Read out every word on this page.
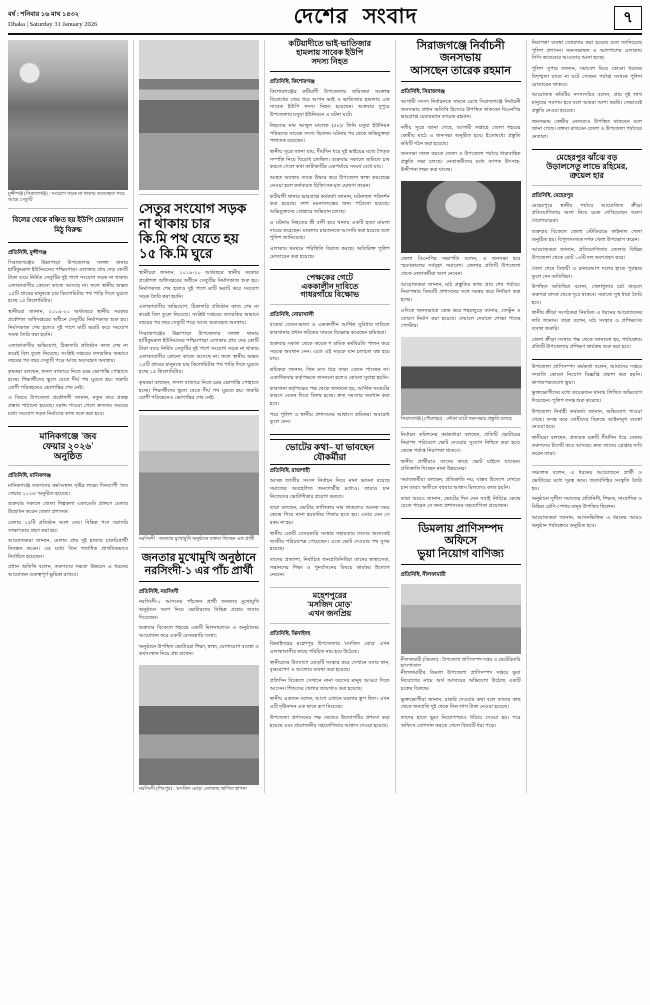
বর্ষ : শনিবার ১৬ মাঘ ১৪৩২
Dhaka | Saturday 31 January 2026	দেশের সংবাদ	৭
মুন্সীগঞ্জ (সিরাজগঞ্জ) : সংযোগ সড়ক না থাকায় অব্যবহৃত পড়ে আছে সেতুটি
বিলের থেকে বঞ্চিত হয় ইউপি চেয়ারম্যান মিঠু বিরুদ্ধ
প্রতিনিধি, মুন্সীগঞ্জ

সিরাজগঞ্জের উল্লাপাড়া উপজেলার সলঙ্গা থানার হাটিকুমরুল ইউনিয়নের পশ্চিমপাড়া এলাকায় প্রায় দেড় কোটি টাকা ব্যয়ে নির্মিত সেতুটির দুই পাশে সংযোগ সড়ক না থাকায় এলাকাবাসীর কোনো কাজে আসছে না। ফলে স্থানীয় অন্তত ১৫টি গ্রামের মানুষকে চার কিলোমিটার পথ পাড়ি দিতে ঘুরতে হচ্ছে ১৫ কিলোমিটার।

স্থানীয়রা জানান, ২০১৯-২০ অর্থবছরে স্থানীয় সরকার প্রকৌশল অধিদপ্তরের অধীনে সেতুটির নির্মাণকাজ শুরু হয়। নির্মাণকাজ শেষ হলেও দুই পাশে মাটি ভরাট করে সংযোগ সড়ক তৈরি করা হয়নি।

এলাকাবাসীর অভিযোগ, ঠিকাদারি প্রতিষ্ঠান কাজ শেষ না করেই বিল তুলে নিয়েছে। সংশ্লিষ্ট দপ্তরের তদারকির অভাবে বছরের পর বছর সেতুটি পড়ে আছে অব্যবহৃত অবস্থায়।

কৃষকরা বলছেন, ফসল বাজারে নিতে চরম ভোগান্তি পোহাতে হচ্ছে। শিক্ষার্থীদের স্কুলে যেতে দীর্ঘ পথ ঘুরতে হয়। জরুরি রোগী পরিবহনেও ভোগান্তির শেষ নেই।

এ বিষয়ে উপজেলা প্রকৌশলী জানান, নতুন করে প্রকল্প প্রস্তাব পাঠানো হয়েছে। বরাদ্দ পাওয়া গেলে দ্রুততম সময়ের মধ্যে সংযোগ সড়ক নির্মাণের কাজ শুরু করা হবে।

মানিকগঞ্জে 'জব
ফেয়ার ২০২৬'
অনুষ্ঠিত
প্রতিনিধি, মানিকগঞ্জ

মানিকগঞ্জে তরুণদের কর্মসংস্থান সৃষ্টির লক্ষ্যে দিনব্যাপী 'জব ফেয়ার ২০২৬' অনুষ্ঠিত হয়েছে।

শুক্রবার সকালে জেলা শিল্পকলা একাডেমি প্রাঙ্গণে মেলার উদ্বোধন করেন জেলা প্রশাসক।

মেলায় ২৫টি প্রতিষ্ঠান অংশ নেয়। বিভিন্ন পদে সরাসরি সাক্ষাৎকার গ্রহণ করা হয়।

আয়োজকরা জানান, মেলায় প্রায় দুই হাজার চাকরিপ্রার্থী নিবন্ধন করেন। এর মধ্যে তিন শতাধিক প্রাথমিকভাবে নির্বাচিত হয়েছেন।

প্রধান অতিথি বলেন, তরুণদের দক্ষতা উন্নয়নে এ ধরনের আয়োজন গুরুত্বপূর্ণ ভূমিকা রাখবে।

সেতুর সংযোগ সড়ক না থাকায় চার
কি.মি পথ যেতে হয় ১৫ কি.মি ঘুরে

স্থানীয়রা জানান, ২০১৯-২০ অর্থবছরে স্থানীয় সরকার প্রকৌশল অধিদপ্তরের অধীনে সেতুটির নির্মাণকাজ শুরু হয়। নির্মাণকাজ শেষ হলেও দুই পাশে মাটি ভরাট করে সংযোগ সড়ক তৈরি করা হয়নি।

এলাকাবাসীর অভিযোগ, ঠিকাদারি প্রতিষ্ঠান কাজ শেষ না করেই বিল তুলে নিয়েছে। সংশ্লিষ্ট দপ্তরের তদারকির অভাবে বছরের পর বছর সেতুটি পড়ে আছে অব্যবহৃত অবস্থায়।

সিরাজগঞ্জের উল্লাপাড়া উপজেলার সলঙ্গা থানার হাটিকুমরুল ইউনিয়নের পশ্চিমপাড়া এলাকায় প্রায় দেড় কোটি টাকা ব্যয়ে নির্মিত সেতুটির দুই পাশে সংযোগ সড়ক না থাকায় এলাকাবাসীর কোনো কাজে আসছে না। ফলে স্থানীয় অন্তত ১৫টি গ্রামের মানুষকে চার কিলোমিটার পথ পাড়ি দিতে ঘুরতে হচ্ছে ১৫ কিলোমিটার।

কৃষকরা বলছেন, ফসল বাজারে নিতে চরম ভোগান্তি পোহাতে হচ্ছে। শিক্ষার্থীদের স্কুলে যেতে দীর্ঘ পথ ঘুরতে হয়। জরুরি রোগী পরিবহনেও ভোগান্তির শেষ নেই।

নরসিংদী : জনতার মুখোমুখি অনুষ্ঠানে বক্তব্য দিচ্ছেন এক প্রার্থী
জনতার মুখোমুখি অনুষ্ঠানে
নরসিংদী-১ এর পাঁচ প্রার্থী
প্রতিনিধি, নরসিংদী

নরসিংদী-১ আসনের পাঁচজন প্রার্থী জনতার মুখোমুখি অনুষ্ঠানে অংশ নিয়ে ভোটারদের বিভিন্ন প্রশ্নের জবাব দিয়েছেন।

শুক্রবার বিকেলে শহরের একটি মিলনায়তনে এ অনুষ্ঠানের আয়োজন করে একটি বেসরকারি সংস্থা।

অনুষ্ঠানে উপস্থিত ভোটাররা শিক্ষা, স্বাস্থ্য, যোগাযোগ ব্যবস্থা ও কর্মসংস্থান নিয়ে প্রশ্ন রাখেন।

নরসিংদী (শিবপুর) : 'মসজিদ মোড়' এলাকায় স্থাপিত স্থাপনা
কটিয়াদীতে ভাই-ভাতিজার
হামলায় সাবেক ইউপি
সদস্য নিহত
প্রতিনিধি, কিশোরগঞ্জ

কিশোরগঞ্জের কটিয়াদী উপজেলায় জমিজমা সংক্রান্ত বিরোধের জের ধরে আপন ভাই ও ভাতিজার হামলায় এক সাবেক ইউপি সদস্য নিহত হয়েছেন। শুক্রবার দুপুরে উপজেলার মসুয়া ইউনিয়নে এ ঘটনা ঘটে।

নিহতের নাম আব্দুল মালেক (৫৮)। তিনি মসুয়া ইউনিয়ন পরিষদের সাবেক সদস্য ছিলেন। ঘটনার পর থেকে অভিযুক্তরা পলাতক রয়েছেন।

স্থানীয় সূত্রে জানা যায়, দীর্ঘদিন ধরে দুই ভাইয়ের মধ্যে পৈতৃক সম্পত্তি নিয়ে বিরোধ চলছিল। শুক্রবার সকালে জমিতে চাষ করতে গেলে কথা কাটাকাটির একপর্যায়ে সংঘর্ষ বেধে যায়।

আহত অবস্থায় তাকে উদ্ধার করে উপজেলা স্বাস্থ্য কমপ্লেক্সে নেওয়া হলে কর্তব্যরত চিকিৎসক মৃত ঘোষণা করেন।

কটিয়াদী থানার ভারপ্রাপ্ত কর্মকর্তা জানান, ঘটনাস্থল পরিদর্শন করা হয়েছে। লাশ ময়নাতদন্তের জন্য পাঠানো হয়েছে। অভিযুক্তদের গ্রেপ্তারে অভিযান চলছে।

এ ঘটনায় নিহতের স্ত্রী বাদী হয়ে থানায় একটি হত্যা মামলা দায়ের করেছেন। মামলায় চারজনকে আসামি করা হয়েছে বলে পুলিশ জানিয়েছে।

এলাকায় থমথমে পরিস্থিতি বিরাজ করছে। অতিরিক্ত পুলিশ মোতায়েন করা হয়েছে।

পেক্ষকের গেটে
এককালীন দাবিতে
গাধরগাঁয়ে বিক্ষোভ
প্রতিনিধি, নোয়াখালী

বকেয়া বেতন-ভাতা ও এককালীন আর্থিক সুবিধার দাবিতে কারখানার প্রধান ফটকের সামনে বিক্ষোভ করেছেন শ্রমিকরা।

শুক্রবার সকাল থেকে কয়েক শ শ্রমিক কর্মবিরতি পালন করে সড়কে অবস্থান নেন। এতে ওই সড়কে যান চলাচল বন্ধ হয়ে যায়।

শ্রমিকরা জানান, তিন মাস ধরে তারা বেতন পাচ্ছেন না। একাধিকবার কর্তৃপক্ষকে জানানো হলেও কোনো সুরাহা হয়নি।

কারখানা কর্তৃপক্ষের পক্ষ থেকে জানানো হয়, আর্থিক সংকটের কারণে বেতন দিতে বিলম্ব হচ্ছে। দ্রুত সমস্যার সমাধান করা হবে।

পরে পুলিশ ও স্থানীয় প্রশাসনের আশ্বাসে শ্রমিকরা অবরোধ তুলে নেন।

ভোটের কথা– যা ভাবছেন
যৌকর্মীরা
প্রতিনিধি, রাজশাহী

আসন্ন জাতীয় সংসদ নির্বাচন নিয়ে নানা ভাবনা রয়েছে সমাজের অবহেলিত জনগোষ্ঠীর মধ্যেও। তারাও চান নিজেদের ভোটাধিকার প্রয়োগ করতে।

তারা বলছেন, ভোটার তালিকায় নাম থাকলেও অনেক সময় কেন্দ্রে গিয়ে নানা হয়রানির শিকার হতে হয়। এবার যেন সে রকম না হয়।

স্থানীয় একটি বেসরকারি সংস্থার সহায়তায় তাদের অনেকেই জাতীয় পরিচয়পত্র পেয়েছেন। এতে ভোট দেওয়ার পথ সুগম হয়েছে।

তাদের প্রত্যাশা, নির্বাচিত জনপ্রতিনিধিরা তাদের স্বাস্থ্যসেবা, সন্তানদের শিক্ষা ও পুনর্বাসনের বিষয়ে কার্যকর উদ্যোগ নেবেন।

মহেশপুরের
'মসজিদ মোড়'
এখন জনপ্রিয়
প্রতিনিধি, ঝিনাইদহ

ঝিনাইদহের মহেশপুর উপজেলার 'মসজিদ মোড়' এখন এলাকাবাসীর কাছে পরিচিত নাম হয়ে উঠেছে।

স্থানীয়দের উদ্যোগে মোড়টি সংস্কার করে সেখানে বসার স্থান, বৃক্ষরোপণ ও আলোর ব্যবস্থা করা হয়েছে।

প্রতিদিন বিকেলে সেখানে নানা বয়সের মানুষ আড্ডা দিতে আসেন। শিশুদের খেলার জায়গাও করা হয়েছে।

স্থানীয় একজন বলেন, আগে এখানে ময়লার স্তূপ ছিল। এখন এটি দৃষ্টিনন্দন এক স্থানে রূপ নিয়েছে।

উপজেলা প্রশাসনের পক্ষ থেকেও উদ্যোগটির প্রশংসা করা হয়েছে এবং প্রয়োজনীয় সহযোগিতার আশ্বাস দেওয়া হয়েছে।

সিরাজগঞ্জে নির্বাচনী জনসভায়
আসছেন তারেক রহমান
প্রতিনিধি, সিরাজগঞ্জ

আগামী সংসদ নির্বাচনকে সামনে রেখে সিরাজগঞ্জে নির্বাচনী জনসভায় প্রধান অতিথি হিসেবে উপস্থিত থাকবেন বিএনপির ভারপ্রাপ্ত চেয়ারম্যান তারেক রহমান।

দলীয় সূত্রে জানা গেছে, আগামী সপ্তাহে জেলা শহরের কেন্দ্রীয় মাঠে এ জনসভা অনুষ্ঠিত হবে। ইতোমধ্যে প্রস্তুতি কমিটি গঠন করা হয়েছে।

জনসভা সফল করতে জেলা ও উপজেলা পর্যায়ে ধারাবাহিক প্রস্তুতি সভা চলছে। নেতাকর্মীদের মধ্যে ব্যাপক উৎসাহ-উদ্দীপনা লক্ষ্য করা যাচ্ছে।

জেলা বিএনপির সভাপতি বলেন, এ জনসভা হবে স্মরণকালের সর্ববৃহৎ সমাবেশ। জেলার প্রতিটি উপজেলা থেকে নেতাকর্মীরা অংশ নেবেন।

আয়োজকরা জানান, মাঠ প্রস্তুতির কাজ প্রায় শেষ পর্যায়ে। নিরাপত্তার বিষয়টি প্রশাসনের সঙ্গে সমন্বয় করে নির্ধারণ করা হচ্ছে।

এদিকে জনসভাকে কেন্দ্র করে শহরজুড়ে ব্যানার, ফেস্টুন ও তোরণ নির্মাণ করা হয়েছে। দেয়ালে দেয়ালে শোভা পাচ্ছে পোস্টার।

সিরাজগঞ্জ (পৌরশহর) : নৌকা ঘাটে জনসভার প্রস্তুতি চলছে

নির্বাচন কমিশনের কর্মকর্তারা বলছেন, প্রতিটি ভোটারের নিরাপদ পরিবেশে ভোট দেওয়ার সুযোগ নিশ্চিত করা হবে। কেন্দ্রে পর্যাপ্ত নিরাপত্তা থাকবে।

স্থানীয় প্রার্থীরাও তাদের কাছে ভোট চাইতে যাচ্ছেন। প্রতিশ্রুতি দিচ্ছেন নানা উন্নয়নের।

সমাজকর্মীরা বলছেন, প্রতিশ্রুতি নয়, বাস্তব উদ্যোগ দেখতে চান তারা। অতীতে বহুবার আশ্বাস মিললেও কাজ হয়নি।

তারা আরও জানান, ভোটের দিন যেন সবাই নির্বিঘ্নে কেন্দ্রে যেতে পারেন সে জন্য প্রশাসনের সহযোগিতা প্রয়োজন।

ডিমলায় প্রাণিসম্পদ অফিসে
ভুয়া নিয়োগ বাণিজ্য
প্রতিনিধি, নীলফামারী
নীলফামারী (ডিমলা) : উপজেলা প্রাণিসম্পদ দপ্তর ও ভেটেরিনারি হাসপাতাল

নীলফামারীর ডিমলা উপজেলা প্রাণিসম্পদ দপ্তরে ভুয়া নিয়োগের নামে অর্থ আদায়ের অভিযোগ উঠেছে একটি চক্রের বিরুদ্ধে।

ভুক্তভোগীরা জানান, চাকরি দেওয়ার কথা বলে তাদের কাছ থেকে জনপ্রতি দুই থেকে তিন লাখ টাকা নেওয়া হয়েছে।

তাদের হাতে ভুয়া নিয়োগপত্রও ধরিয়ে দেওয়া হয়। পরে অফিসে যোগদান করতে গেলে বিষয়টি ধরা পড়ে।

নিরাপত্তা ব্যবস্থা জোরদার করা হয়েছে বলে জানিয়েছে পুলিশ প্রশাসন। জনসভাস্থল ও আশপাশের এলাকায় সিসি ক্যামেরার আওতায় আনা হচ্ছে।

পুলিশ সুপার জানান, সমাবেশ ঘিরে কোনো ধরনের বিশৃঙ্খলা যাতে না ঘটে সেজন্য পর্যাপ্ত সংখ্যক পুলিশ মোতায়েন থাকবে।

আয়োজক কমিটির সদস্যসচিব বলেন, প্রায় দুই লাখ মানুষের সমাগম হবে বলে আমরা আশা করছি। সেভাবেই প্রস্তুতি নেওয়া হয়েছে।

জনসভায় কেন্দ্রীয় নেতারাও উপস্থিত থাকবেন বলে জানা গেছে। বক্তব্য রাখবেন জেলা ও উপজেলা পর্যায়ের নেতারা।

মেহেরপুর ঝাঁঝে বড়
উড়ালসেতু লাভে রহিমের,
ত্রুয়েল হার
প্রতিনিধি, মেহেরপুর

মেহেরপুরে স্থানীয় পর্যায়ে আয়োজিত ক্রীড়া প্রতিযোগিতায় অংশ নিয়ে চমক দেখিয়েছেন তরুণ খেলোয়াড়রা।

শুক্রবার বিকেলে জেলা স্টেডিয়ামে ফাইনাল খেলা অনুষ্ঠিত হয়। বিপুলসংখ্যক দর্শক খেলা উপভোগ করেন।

আয়োজকরা জানান, প্রতিযোগিতায় জেলার বিভিন্ন উপজেলা থেকে মোট ১৬টি দল অংশগ্রহণ করে।

খেলা শেষে বিজয়ী ও রানারআপ দলের হাতে পুরস্কার তুলে দেন অতিথিরা।

উপস্থিত অতিথিরা বলেন, খেলাধুলার চর্চা বাড়লে তরুণরা মাদক থেকে দূরে থাকবে। সমাজে সুস্থ ধারা তৈরি হবে।

স্থানীয় ক্রীড়া সংগঠকরা নিয়মিত এ ধরনের আয়োজনের দাবি জানান। তারা বলেন, মাঠ সংস্কার ও প্রশিক্ষণের ব্যবস্থা জরুরি।

জেলা ক্রীড়া সংস্থার পক্ষ থেকে জানানো হয়, পর্যায়ক্রমে প্রতিটি উপজেলায় প্রশিক্ষণ কার্যক্রম শুরু করা হবে।

উপজেলা প্রাণিসম্পদ কর্মকর্তা বলেন, আমাদের দপ্তরে সম্প্রতি কোনো নিয়োগ বিজ্ঞপ্তি প্রকাশ করা হয়নি। কাগজপত্রগুলো ভুয়া।

ভুক্তভোগীদের মধ্যে কয়েকজন থানায় লিখিত অভিযোগ দিয়েছেন। পুলিশ তদন্ত শুরু করেছে।

উপজেলা নির্বাহী কর্মকর্তা জানান, অভিযোগ পাওয়া গেছে। তদন্ত করে দোষীদের বিরুদ্ধে আইনানুগ ব্যবস্থা নেওয়া হবে।

স্থানীয়রা বলছেন, প্রতারক চক্রটি দীর্ঘদিন ধরে বেকার তরুণদের টার্গেট করে আসছে। দ্রুত তাদের গ্রেপ্তার দাবি করেন তারা।

সঞ্চালক বলেন, এ ধরনের আয়োজনে প্রার্থী ও ভোটারের মধ্যে দূরত্ব কমে। জবাবদিহির সংস্কৃতি তৈরি হয়।

অনুষ্ঠানে সুশীল সমাজের প্রতিনিধি, শিক্ষক, সাংবাদিক ও বিভিন্ন শ্রেণি-পেশার মানুষ উপস্থিত ছিলেন।

আয়োজকরা জানান, আসনভিত্তিক এ ধরনের আরও অনুষ্ঠান পর্যায়ক্রমে অনুষ্ঠিত হবে।
